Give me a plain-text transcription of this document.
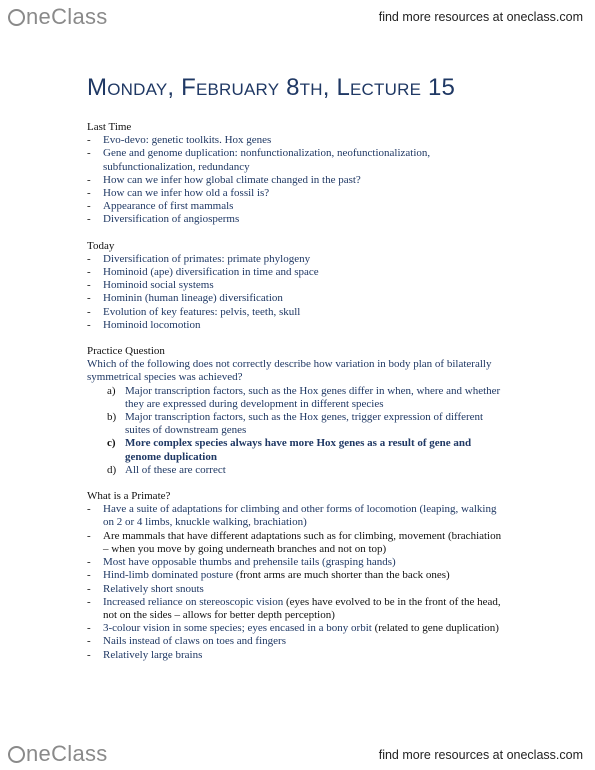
neClass	find more resources at oneclass.com
Monday, February 8th, Lecture 15
Last Time
- Evo-devo: genetic toolkits. Hox genes
- Gene and genome duplication: nonfunctionalization, neofunctionalization, subfunctionalization, redundancy
- How can we infer how global climate changed in the past?
- How can we infer how old a fossil is?
- Appearance of first mammals
- Diversification of angiosperms
Today
- Diversification of primates: primate phylogeny
- Hominoid (ape) diversification in time and space
- Hominoid social systems
- Hominin (human lineage) diversification
- Evolution of key features: pelvis, teeth, skull
- Hominoid locomotion
Practice Question
Which of the following does not correctly describe how variation in body plan of bilaterally symmetrical species was achieved?
a) Major transcription factors, such as the Hox genes differ in when, where and whether they are expressed during development in different species
b) Major transcription factors, such as the Hox genes, trigger expression of different suites of downstream genes
c) More complex species always have more Hox genes as a result of gene and genome duplication
d) All of these are correct
What is a Primate?
- Have a suite of adaptations for climbing and other forms of locomotion (leaping, walking on 2 or 4 limbs, knuckle walking, brachiation)
- Are mammals that have different adaptations such as for climbing, movement (brachiation – when you move by going underneath branches and not on top)
- Most have opposable thumbs and prehensile tails (grasping hands)
- Hind-limb dominated posture (front arms are much shorter than the back ones)
- Relatively short snouts
- Increased reliance on stereoscopic vision (eyes have evolved to be in the front of the head, not on the sides – allows for better depth perception)
- 3-colour vision in some species; eyes encased in a bony orbit (related to gene duplication)
- Nails instead of claws on toes and fingers
- Relatively large brains
neClass	find more resources at oneclass.com
